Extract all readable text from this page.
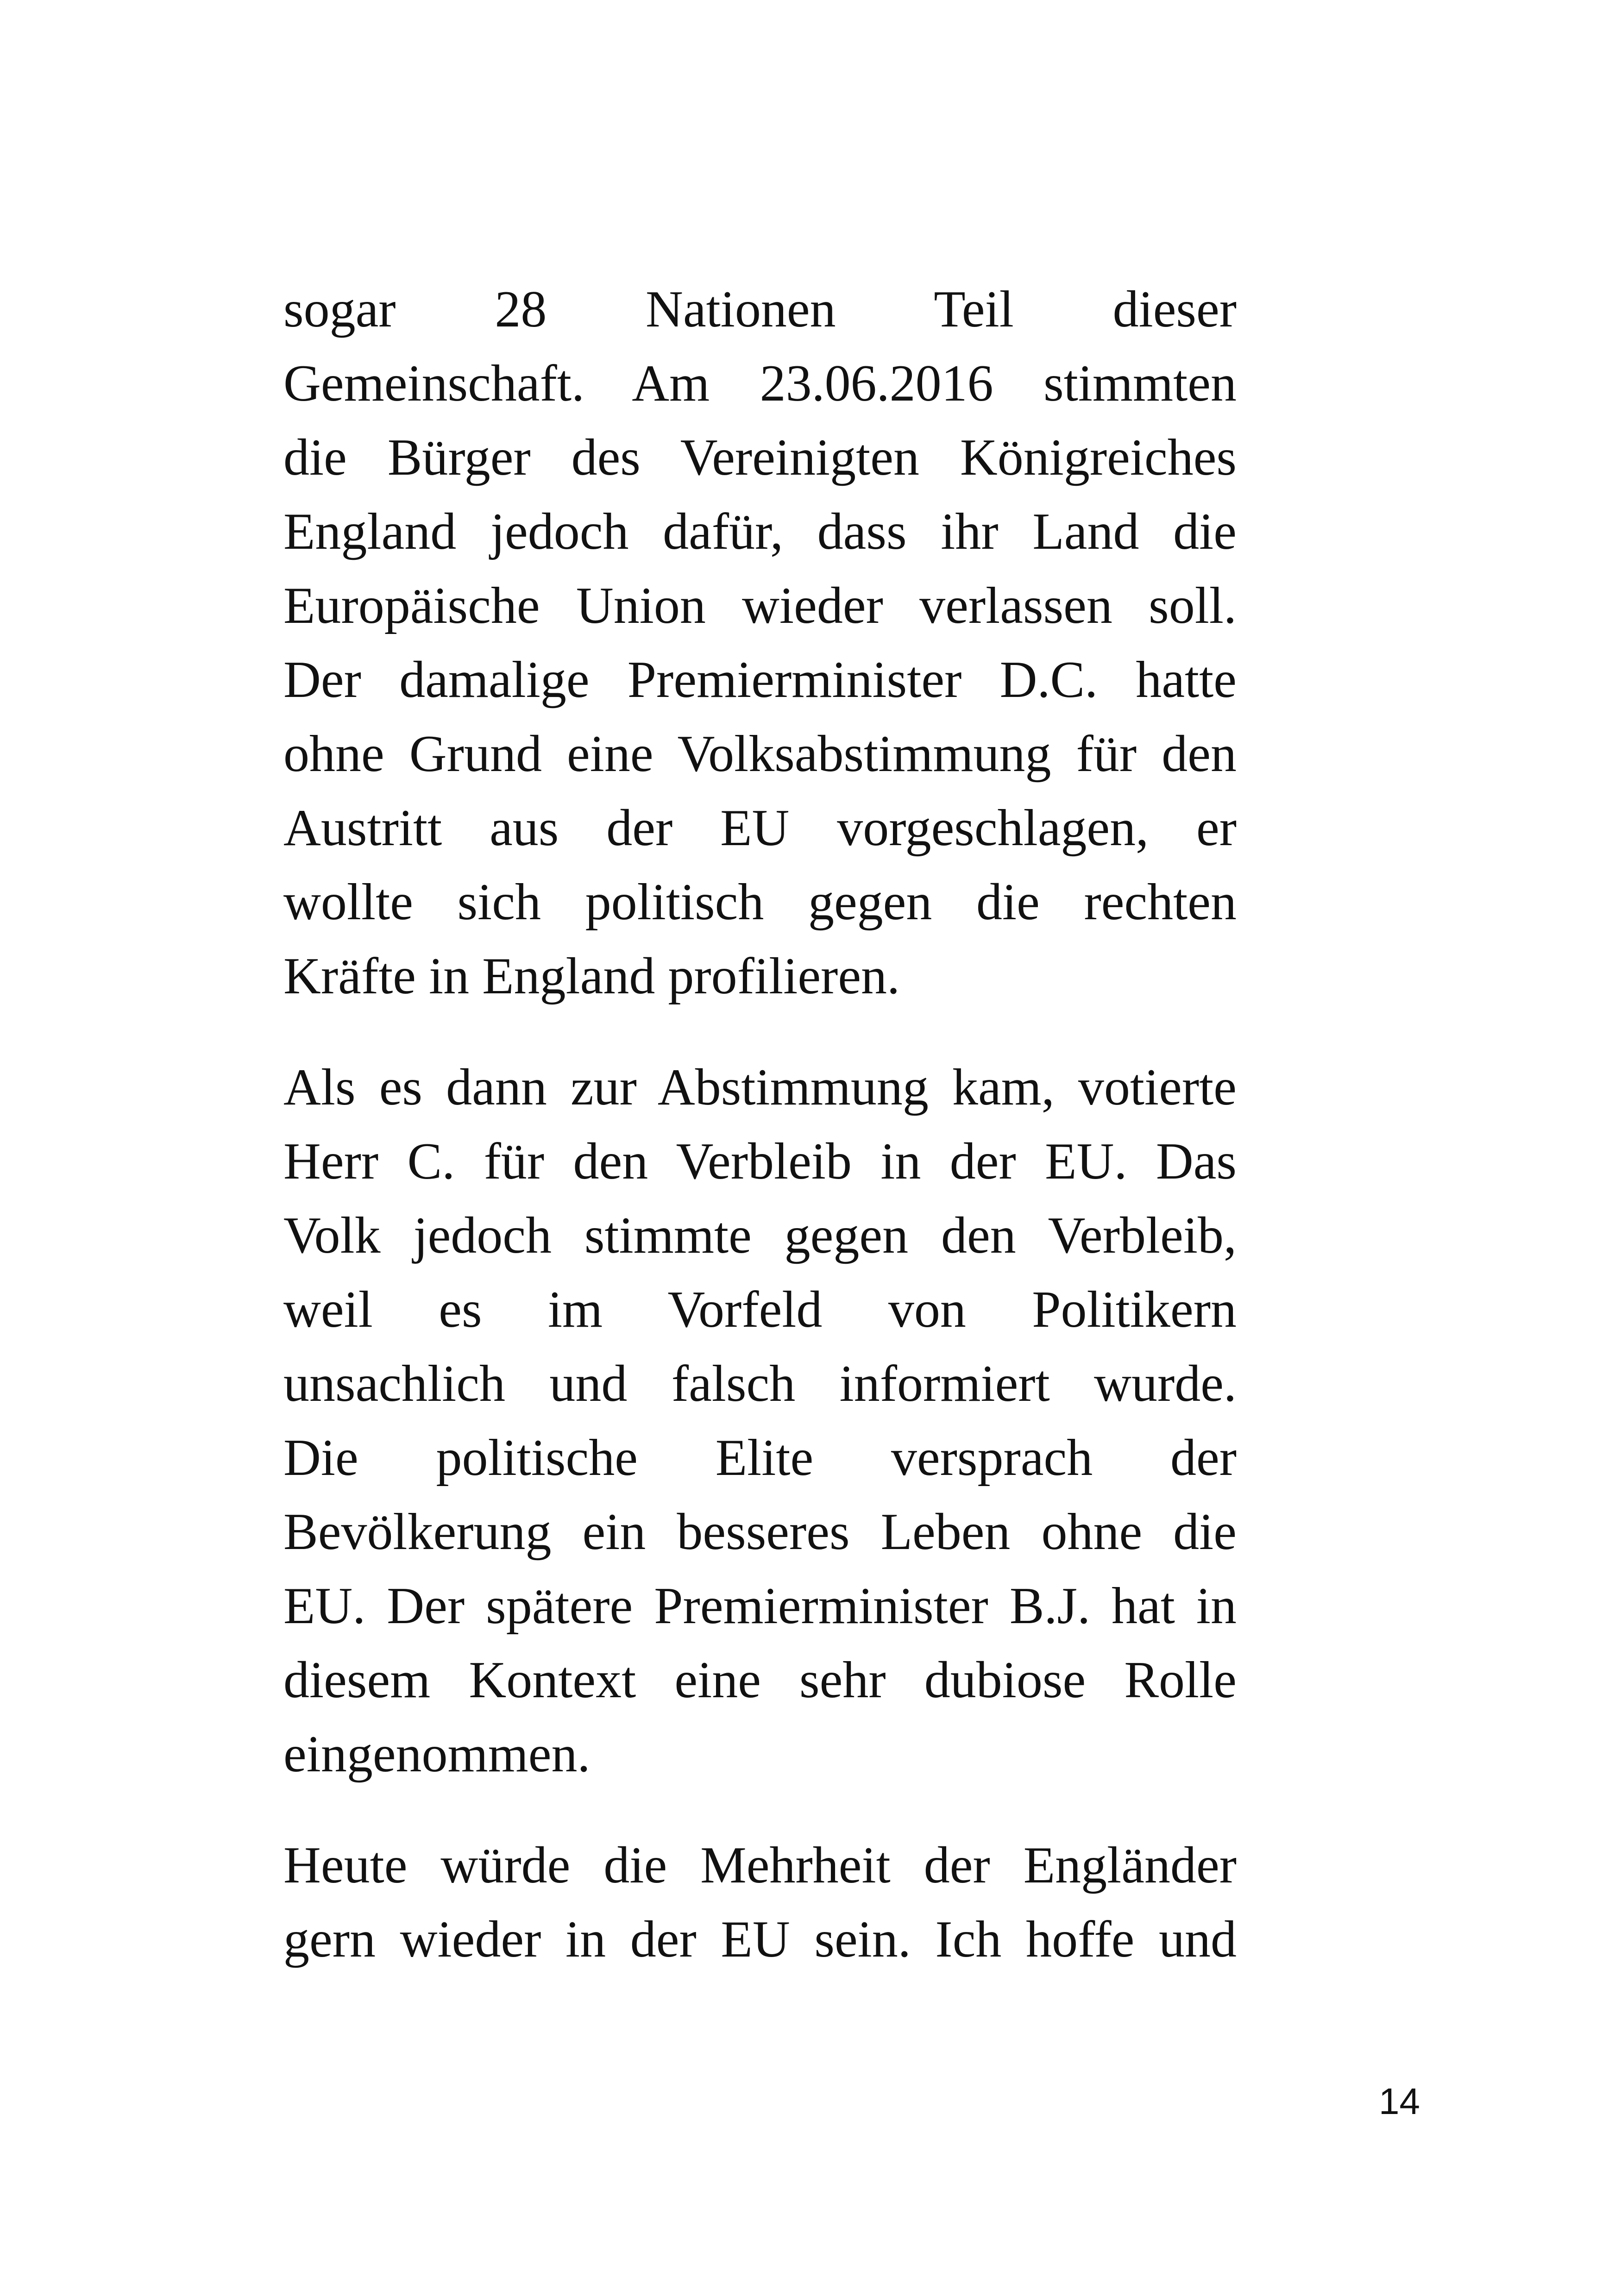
sogar 28 Nationen Teil dieser
Gemeinschaft. Am 23.06.2016 stimmten
die Bürger des Vereinigten Königreiches
England jedoch dafür, dass ihr Land die
Europäische Union wieder verlassen soll.
Der damalige Premierminister D.C. hatte
ohne Grund eine Volksabstimmung für den
Austritt aus der EU vorgeschlagen, er
wollte sich politisch gegen die rechten
Kräfte in England profilieren.
Als es dann zur Abstimmung kam, votierte
Herr C. für den Verbleib in der EU. Das
Volk jedoch stimmte gegen den Verbleib,
weil es im Vorfeld von Politikern
unsachlich und falsch informiert wurde.
Die politische Elite versprach der
Bevölkerung ein besseres Leben ohne die
EU. Der spätere Premierminister B.J. hat in
diesem Kontext eine sehr dubiose Rolle
eingenommen.
Heute würde die Mehrheit der Engländer
gern wieder in der EU sein. Ich hoffe und
14
